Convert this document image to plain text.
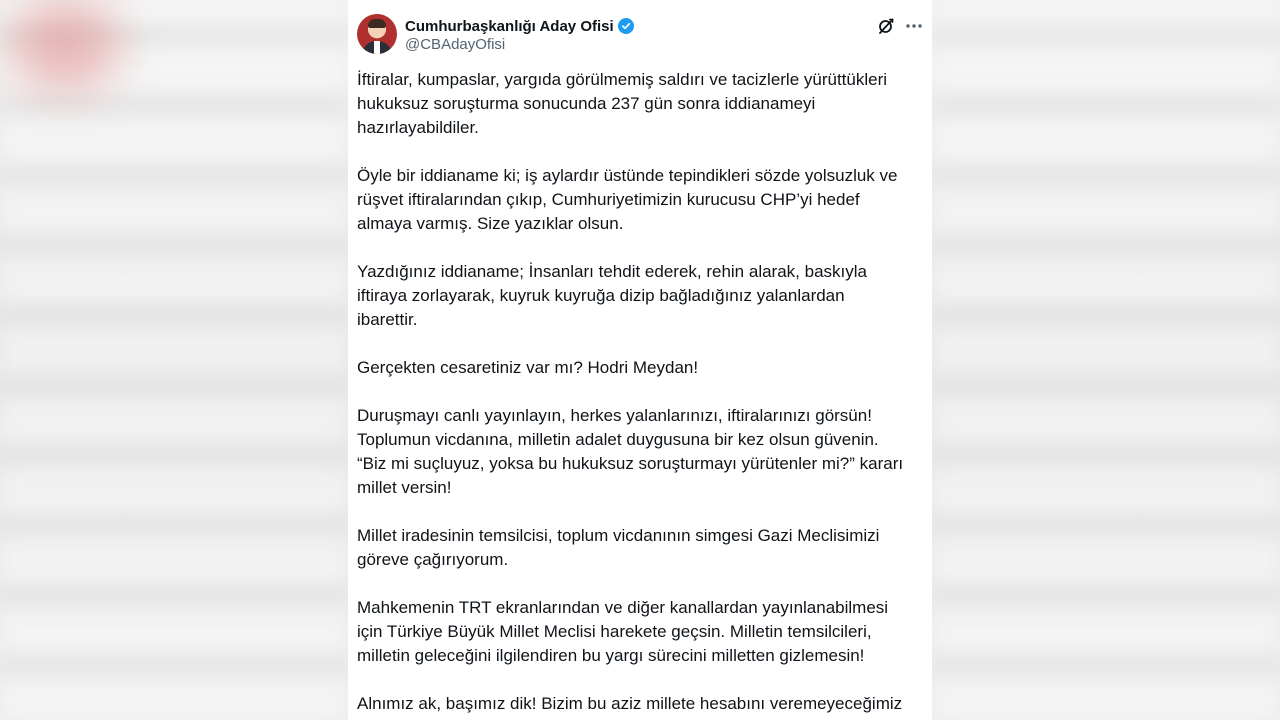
Cumhurbaşkanlığı Aday Ofisi
@CBAdayOfisi

İftiralar, kumpaslar, yargıda görülmemiş saldırı ve tacizlerle yürüttükleri
hukuksuz soruşturma sonucunda 237 gün sonra iddianameyi
hazırlayabildiler.

Öyle bir iddianame ki; iş aylardır üstünde tepindikleri sözde yolsuzluk ve
rüşvet iftiralarından çıkıp, Cumhuriyetimizin kurucusu CHP’yi hedef
almaya varmış. Size yazıklar olsun.

Yazdığınız iddianame; İnsanları tehdit ederek, rehin alarak, baskıyla
iftiraya zorlayarak, kuyruk kuyruğa dizip bağladığınız yalanlardan
ibarettir.

Gerçekten cesaretiniz var mı? Hodri Meydan!

Duruşmayı canlı yayınlayın, herkes yalanlarınızı, iftiralarınızı görsün!
Toplumun vicdanına, milletin adalet duygusuna bir kez olsun güvenin.
“Biz mi suçluyuz, yoksa bu hukuksuz soruşturmayı yürütenler mi?” kararı
millet versin!

Millet iradesinin temsilcisi, toplum vicdanının simgesi Gazi Meclisimizi
göreve çağırıyorum.

Mahkemenin TRT ekranlarından ve diğer kanallardan yayınlanabilmesi
için Türkiye Büyük Millet Meclisi harekete geçsin. Milletin temsilcileri,
milletin geleceğini ilgilendiren bu yargı sürecini milletten gizlemesin!

Alnımız ak, başımız dik! Bizim bu aziz millete hesabını veremeyeceğimiz
